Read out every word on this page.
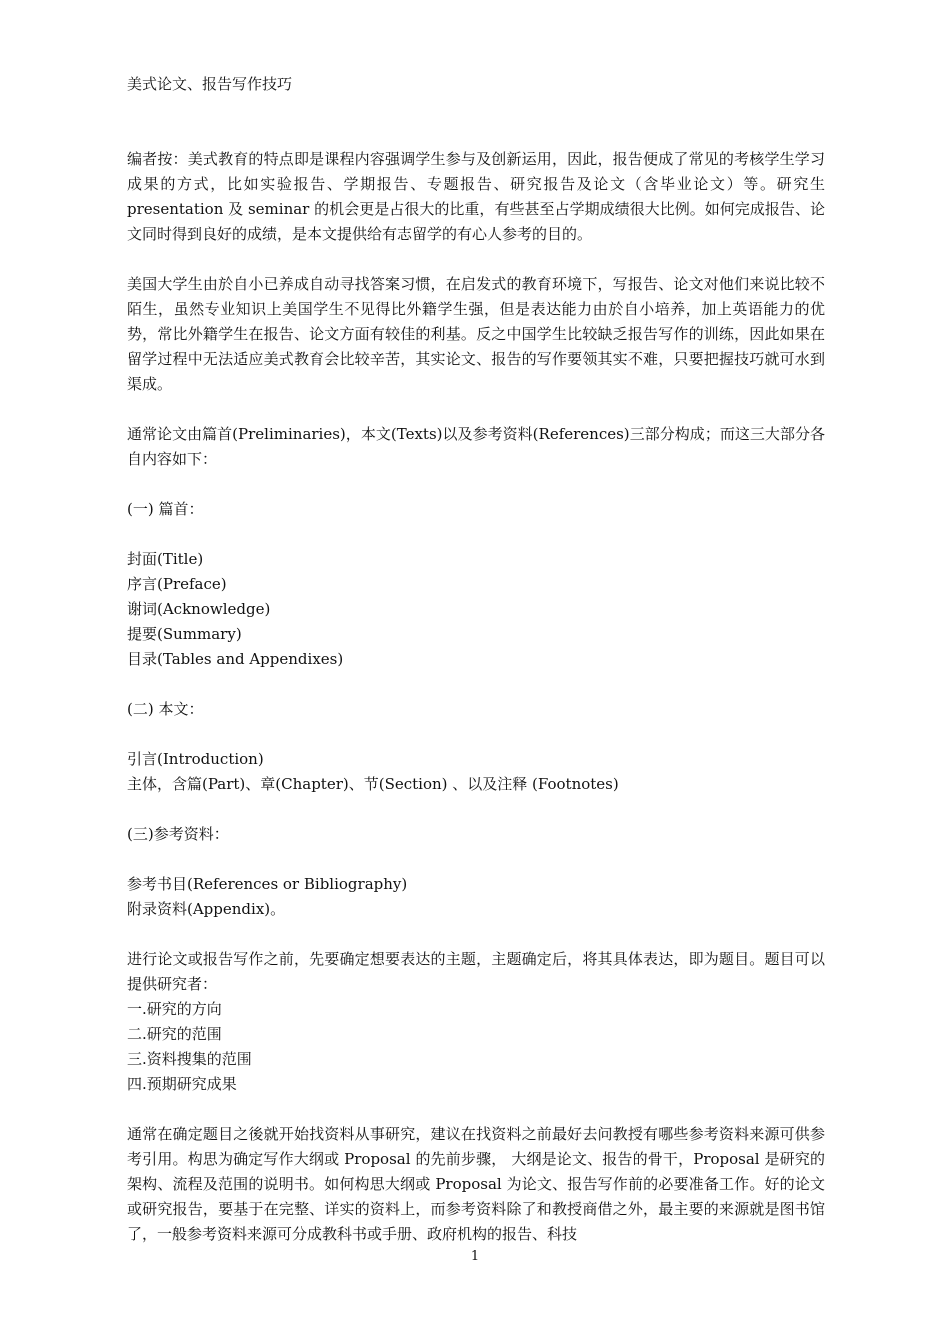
美式论文、报告写作技巧

编者按：美式教育的特点即是课程内容强调学生参与及创新运用，因此，报告便成了常见的考核学生学习成果的方式，比如实验报告、学期报告、专题报告、研究报告及论文（含毕业论文）等。研究生 presentation 及 seminar 的机会更是占很大的比重，有些甚至占学期成绩很大比例。如何完成报告、论文同时得到良好的成绩，是本文提供给有志留学的有心人参考的目的。

美国大学生由於自小已养成自动寻找答案习惯，在启发式的教育环境下，写报告、论文对他们来说比较不陌生，虽然专业知识上美国学生不见得比外籍学生强，但是表达能力由於自小培养，加上英语能力的优势，常比外籍学生在报告、论文方面有较佳的利基。反之中国学生比较缺乏报告写作的训练，因此如果在留学过程中无法适应美式教育会比较辛苦，其实论文、报告的写作要领其实不难，只要把握技巧就可水到渠成。

通常论文由篇首(Preliminaries)，本文(Texts)以及参考资料(References)三部分构成；而这三大部分各自内容如下：

(一) 篇首：

封面(Title)

序言(Preface)

谢词(Acknowledge)

提要(Summary)

目录(Tables and Appendixes)

(二) 本文：

引言(Introduction)

主体，含篇(Part)、章(Chapter)、节(Section) 、以及注释 (Footnotes)

(三)参考资料：

参考书目(References or Bibliography)

附录资料(Appendix)。

进行论文或报告写作之前，先要确定想要表达的主题，主题确定后，将其具体表达，即为题目。题目可以提供研究者：

一.研究的方向

二.研究的范围

三.资料搜集的范围

四.预期研究成果

通常在确定题目之後就开始找资料从事研究，建议在找资料之前最好去问教授有哪些参考资料来源可供参考引用。构思为确定写作大纲或 Proposal 的先前步骤， 大纲是论文、报告的骨干，Proposal 是研究的架构、流程及范围的说明书。如何构思大纲或 Proposal 为论文、报告写作前的必要准备工作。好的论文或研究报告，要基于在完整、详实的资料上，而参考资料除了和教授商借之外，最主要的来源就是图书馆了，一般参考资料来源可分成教科书或手册、政府机构的报告、科技

1
